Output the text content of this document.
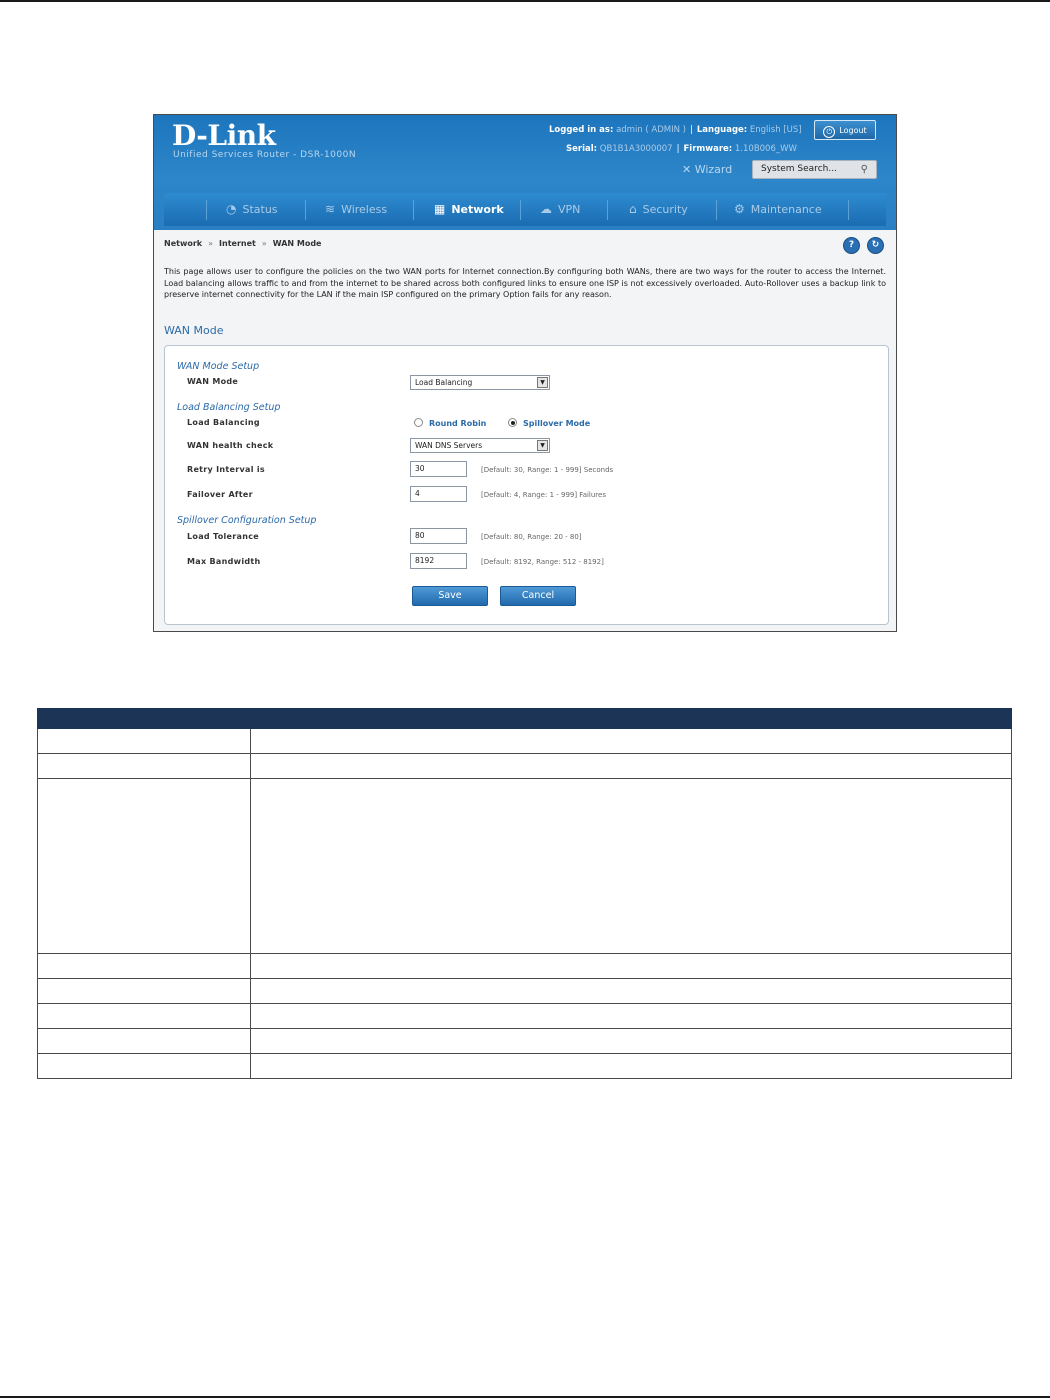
D-Link
Unified Services Router - DSR-1000N
Logged in as: admin ( ADMIN ) | Language: English [US]	⏻ Logout
Serial: QB1B1A3000007 | Firmware: 1.10B006_WW
✕ Wizard	System Search... ⚲
◔ Status	≋ Wireless	▦ Network	☁ VPN	⌂ Security	⚙ Maintenance
Network » Internet » WAN Mode	?	↻
This page allows user to configure the policies on the two WAN ports for Internet connection.By configuring both WANs, there are two ways for the router to access the Internet. Load balancing allows traffic to and from the internet to be shared across both configured links to ensure one ISP is not excessively overloaded. Auto-Rollover uses a backup link to preserve internet connectivity for the LAN if the main ISP configured on the primary Option fails for any reason.
WAN Mode
WAN Mode Setup
WAN Mode	Load Balancing	▼
Load Balancing Setup
Load Balancing	Round Robin	Spillover Mode
WAN health check	WAN DNS Servers	▼
Retry Interval is	30	[Default: 30, Range: 1 - 999] Seconds
Failover After	4	[Default: 4, Range: 1 - 999] Failures
Spillover Configuration Setup
Load Tolerance	80	[Default: 80, Range: 20 - 80]
Max Bandwidth	8192	[Default: 8192, Range: 512 - 8192]
Save	Cancel
